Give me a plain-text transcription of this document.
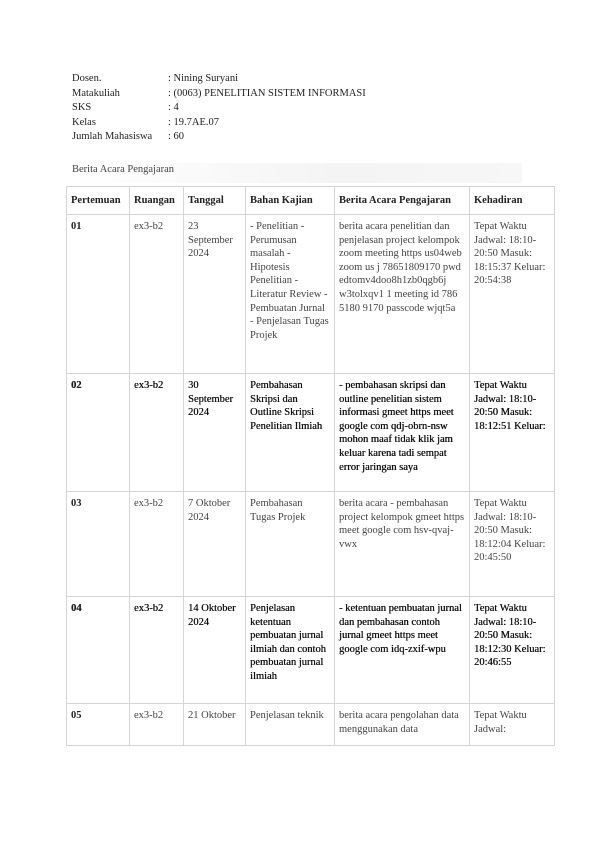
Dosen.	: Nining Suryani
Matakuliah	: (0063) PENELITIAN SISTEM INFORMASI
SKS	: 4
Kelas	: 19.7AE.07
Jumlah Mahasiswa	: 60
Berita Acara Pengajaran
Pertemuan	Ruangan	Tanggal	Bahan Kajian	Berita Acara Pengajaran	Kehadiran
01	ex3-b2	23 September 2024	- Penelitian - Perumusan masalah - Hipotesis Penelitian - Literatur Review - Pembuatan Jurnal - Penjelasan Tugas Projek	berita acara penelitian dan penjelasan project kelompok zoom meeting https us04web zoom us j 78651809170 pwd edtomv4doo8h1zb0qgb6j w3tolxqv1 1 meeting id 786 5180 9170 passcode wjqt5a	Tepat Waktu Jadwal: 18:10-20:50 Masuk: 18:15:37 Keluar: 20:54:38
02	ex3-b2	30 September 2024	Pembahasan Skripsi dan Outline Skripsi Penelitian Ilmiah	- pembahasan skripsi dan outline penelitian sistem informasi gmeet https meet google com qdj-obrn-nsw mohon maaf tidak klik jam keluar karena tadi sempat error jaringan saya	Tepat Waktu Jadwal: 18:10-20:50 Masuk: 18:12:51 Keluar:
03	ex3-b2	7 Oktober 2024	Pembahasan Tugas Projek	berita acara - pembahasan project kelompok gmeet https meet google com hsv-qvaj-vwx	Tepat Waktu Jadwal: 18:10-20:50 Masuk: 18:12:04 Keluar: 20:45:50
04	ex3-b2	14 Oktober 2024	Penjelasan ketentuan pembuatan jurnal ilmiah dan contoh pembuatan jurnal ilmiah	- ketentuan pembuatan jurnal dan pembahasan contoh jurnal gmeet https meet google com idq-zxif-wpu	Tepat Waktu Jadwal: 18:10-20:50 Masuk: 18:12:30 Keluar: 20:46:55
05	ex3-b2	21 Oktober	Penjelasan teknik	berita acara pengolahan data menggunakan data	Tepat Waktu Jadwal:
